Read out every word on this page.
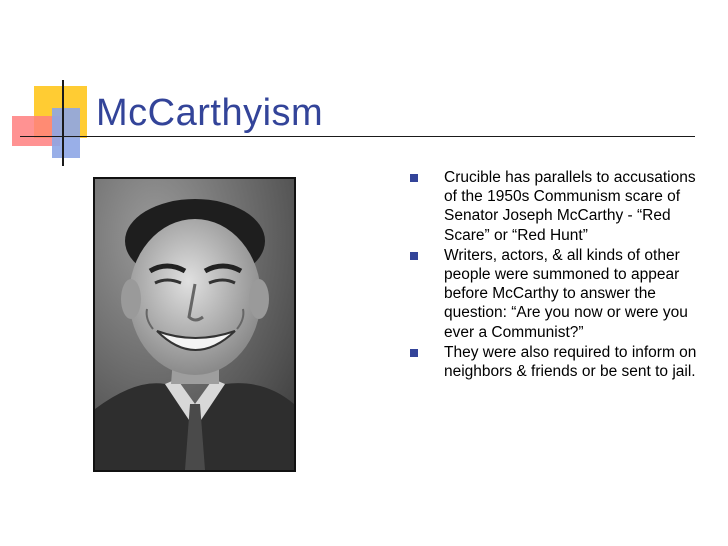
McCarthyism
Crucible has parallels to accusations of the 1950s Communism scare of Senator Joseph McCarthy - “Red Scare” or “Red Hunt”
Writers, actors, & all kinds of other people were summoned to appear before McCarthy to answer the question: “Are you now or were you ever a Communist?”
They were also required to inform on neighbors & friends or be sent to jail.
